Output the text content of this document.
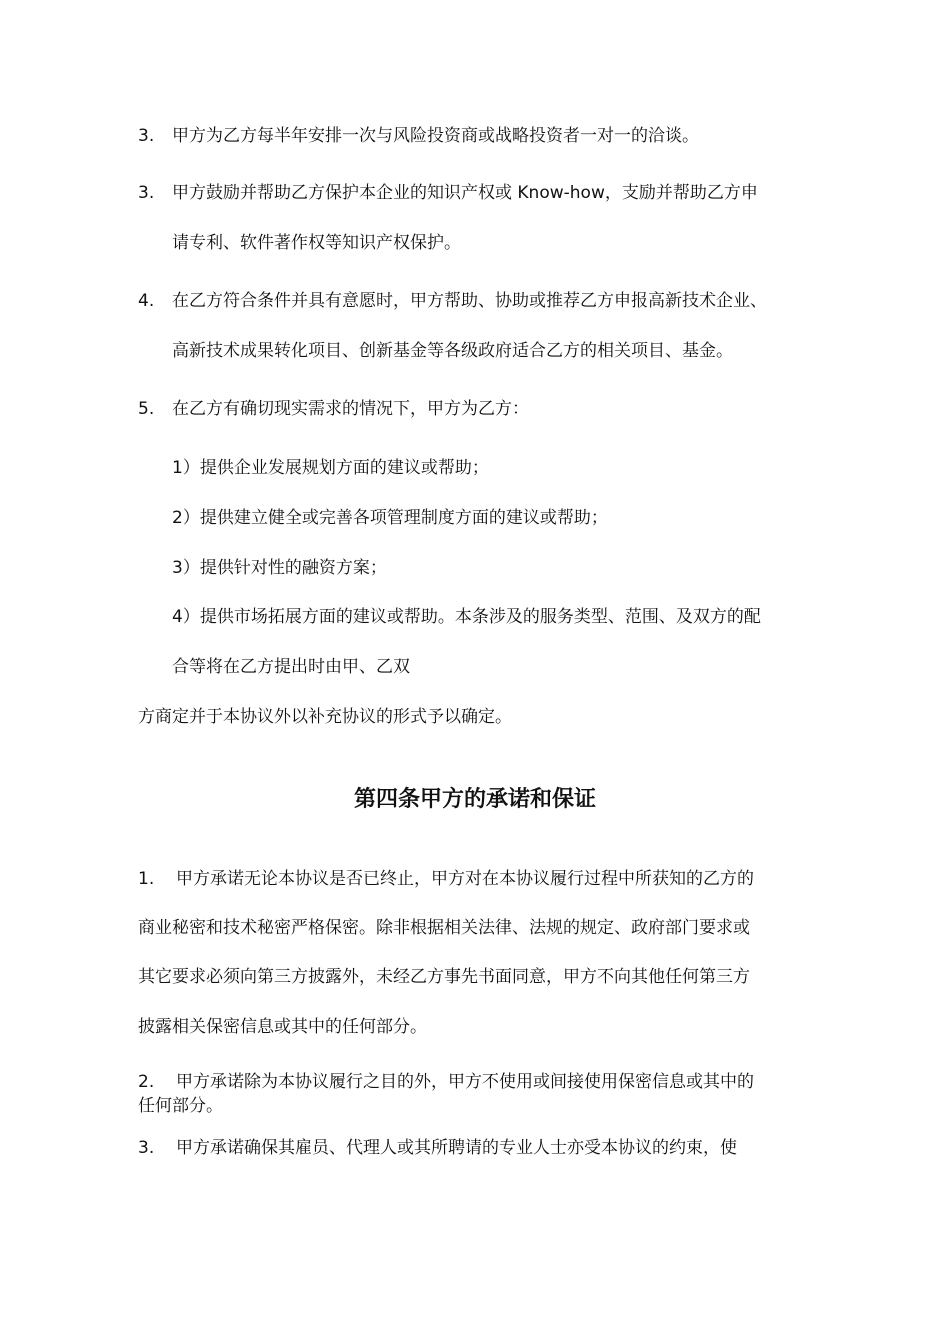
3. 甲方为乙方每半年安排一次与风险投资商或战略投资者一对一的洽谈。
3. 甲方鼓励并帮助乙方保护本企业的知识产权或 Know-how，支励并帮助乙方申
请专利、软件著作权等知识产权保护。
4. 在乙方符合条件并具有意愿时，甲方帮助、协助或推荐乙方申报高新技术企业、
高新技术成果转化项目、创新基金等各级政府适合乙方的相关项目、基金。
5. 在乙方有确切现实需求的情况下，甲方为乙方：
1）提供企业发展规划方面的建议或帮助；
2）提供建立健全或完善各项管理制度方面的建议或帮助；
3）提供针对性的融资方案；
4）提供市场拓展方面的建议或帮助。本条涉及的服务类型、范围、及双方的配
合等将在乙方提出时由甲、乙双
方商定并于本协议外以补充协议的形式予以确定。
第四条甲方的承诺和保证
1. 甲方承诺无论本协议是否已终止，甲方对在本协议履行过程中所获知的乙方的
商业秘密和技术秘密严格保密。除非根据相关法律、法规的规定、政府部门要求或
其它要求必须向第三方披露外，未经乙方事先书面同意，甲方不向其他任何第三方
披露相关保密信息或其中的任何部分。
2. 甲方承诺除为本协议履行之目的外，甲方不使用或间接使用保密信息或其中的
任何部分。
3. 甲方承诺确保其雇员、代理人或其所聘请的专业人士亦受本协议的约束，使
